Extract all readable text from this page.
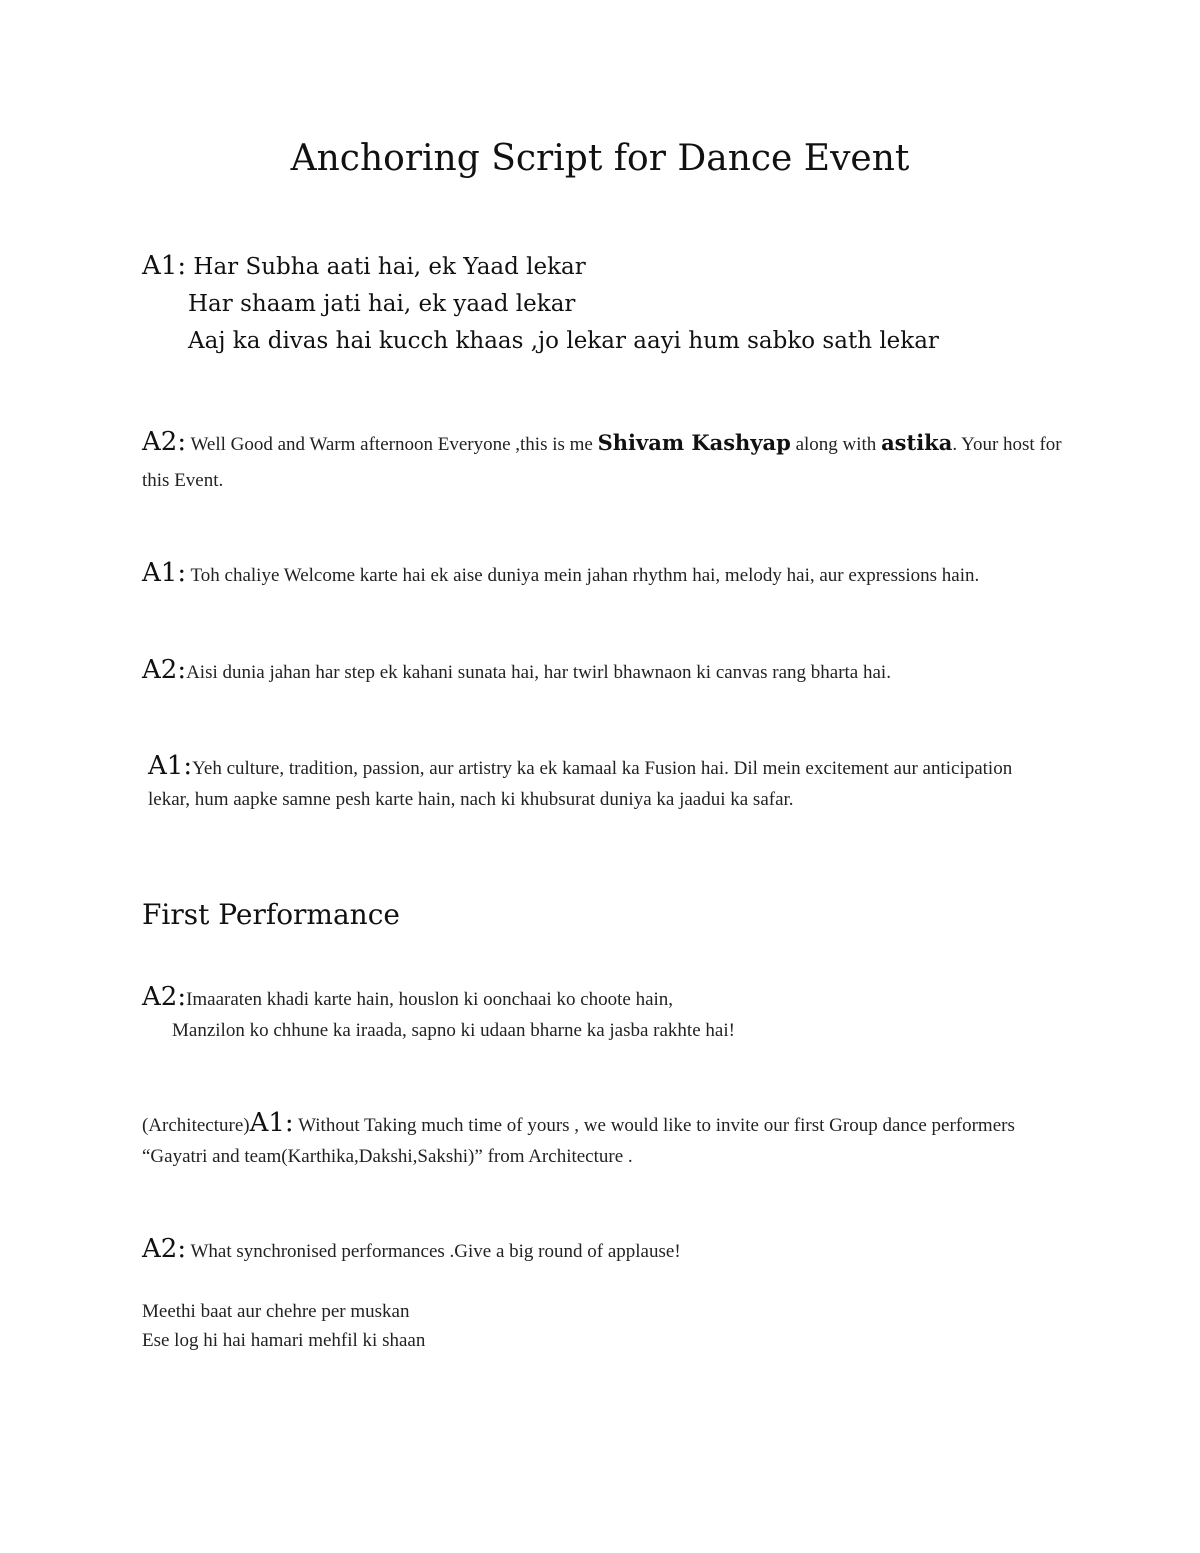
Anchoring Script for Dance Event
A1: Har Subha aati hai, ek Yaad lekar
Har shaam jati hai, ek yaad lekar
Aaj ka divas hai kucch khaas ,jo lekar aayi hum sabko sath lekar
A2: Well Good and Warm afternoon Everyone ,this is me Shivam Kashyap along with astika. Your host for this Event.
A1: Toh chaliye Welcome karte hai ek aise duniya mein jahan rhythm hai, melody hai, aur expressions hain.
A2:Aisi dunia jahan har step ek kahani sunata hai, har twirl bhawnaon ki canvas rang bharta hai.
A1:Yeh culture, tradition, passion, aur artistry ka ek kamaal ka Fusion hai. Dil mein excitement aur anticipation lekar, hum aapke samne pesh karte hain, nach ki khubsurat duniya ka jaadui ka safar.
First Performance
A2:Imaaraten khadi karte hain, houslon ki oonchaai ko choote hain,
Manzilon ko chhune ka iraada, sapno ki udaan bharne ka jasba rakhte hai!
(Architecture)A1: Without Taking much time of yours , we would like to invite our first Group dance performers “Gayatri and team(Karthika,Dakshi,Sakshi)” from Architecture .
A2: What synchronised performances .Give a big round of applause!
Meethi baat aur chehre per muskan
Ese log hi hai hamari mehfil ki shaan
